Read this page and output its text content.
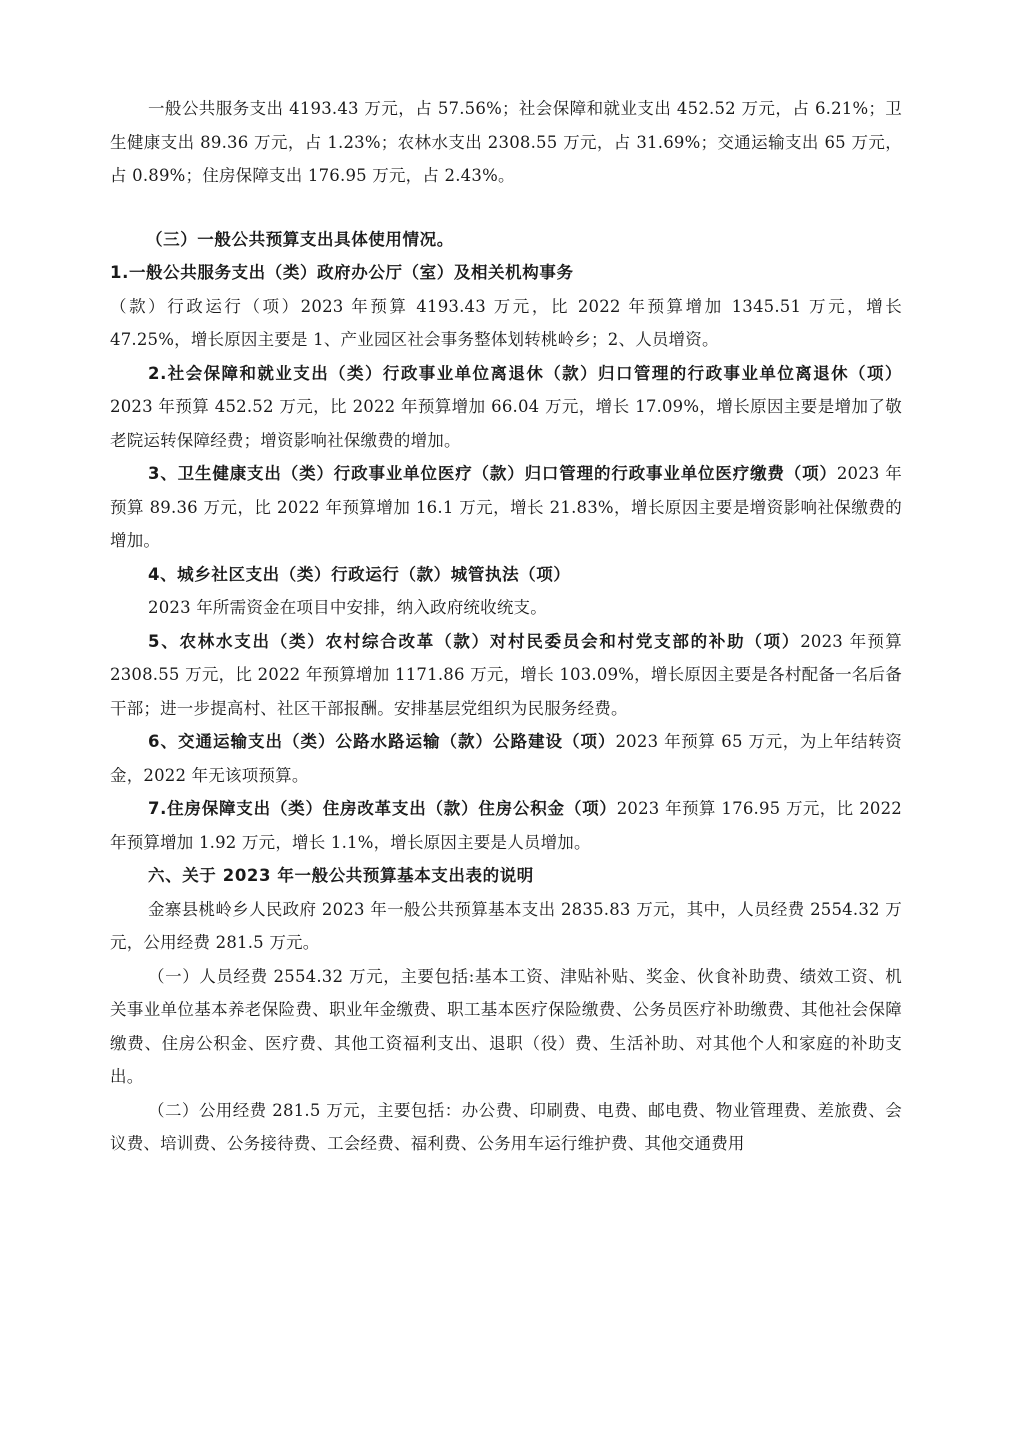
一般公共服务支出 4193.43 万元，占 57.56%；社会保障和就业支出 452.52 万元，占 6.21%；卫生健康支出 89.36 万元，占 1.23%；农林水支出 2308.55 万元，占 31.69%；交通运输支出 65 万元，占 0.89%；住房保障支出 176.95 万元，占 2.43%。

（三）一般公共预算支出具体使用情况。

1.一般公共服务支出（类）政府办公厅（室）及相关机构事务

（款）行政运行（项）2023 年预算 4193.43 万元，比 2022 年预算增加 1345.51 万元，增长 47.25%，增长原因主要是 1、产业园区社会事务整体划转桃岭乡；2、人员增资。

2.社会保障和就业支出（类）行政事业单位离退休（款）归口管理的行政事业单位离退休（项）2023 年预算 452.52 万元，比 2022 年预算增加 66.04 万元，增长 17.09%，增长原因主要是增加了敬老院运转保障经费；增资影响社保缴费的增加。

3、卫生健康支出（类）行政事业单位医疗（款）归口管理的行政事业单位医疗缴费（项）2023 年预算 89.36 万元，比 2022 年预算增加 16.1 万元，增长 21.83%，增长原因主要是增资影响社保缴费的增加。

4、城乡社区支出（类）行政运行（款）城管执法（项）

2023 年所需资金在项目中安排，纳入政府统收统支。

5、农林水支出（类）农村综合改革（款）对村民委员会和村党支部的补助（项）2023 年预算 2308.55 万元，比 2022 年预算增加 1171.86 万元，增长 103.09%，增长原因主要是各村配备一名后备干部；进一步提高村、社区干部报酬。安排基层党组织为民服务经费。

6、交通运输支出（类）公路水路运输（款）公路建设（项）2023 年预算 65 万元，为上年结转资金，2022 年无该项预算。

7.住房保障支出（类）住房改革支出（款）住房公积金（项）2023 年预算 176.95 万元，比 2022 年预算增加 1.92 万元，增长 1.1%，增长原因主要是人员增加。

六、关于 2023 年一般公共预算基本支出表的说明

金寨县桃岭乡人民政府 2023 年一般公共预算基本支出 2835.83 万元，其中，人员经费 2554.32 万元，公用经费 281.5 万元。

（一）人员经费 2554.32 万元，主要包括:基本工资、津贴补贴、奖金、伙食补助费、绩效工资、机关事业单位基本养老保险费、职业年金缴费、职工基本医疗保险缴费、公务员医疗补助缴费、其他社会保障缴费、住房公积金、医疗费、其他工资福利支出、退职（役）费、生活补助、对其他个人和家庭的补助支出。

（二）公用经费 281.5 万元，主要包括：办公费、印刷费、电费、邮电费、物业管理费、差旅费、会议费、培训费、公务接待费、工会经费、福利费、公务用车运行维护费、其他交通费用
